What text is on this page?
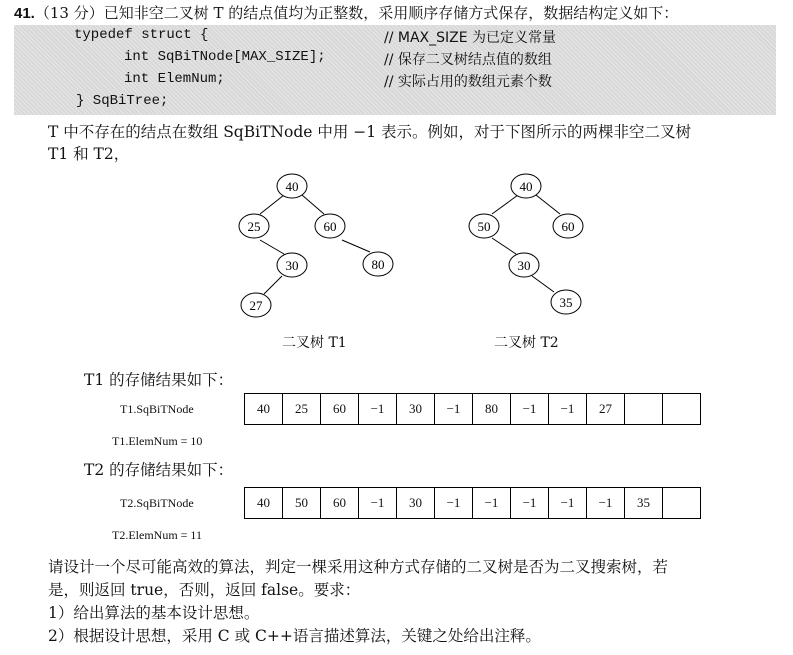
41.（13 分）已知非空二叉树 T 的结点值均为正整数，采用顺序存储方式保存，数据结构定义如下：
typedef struct {	// MAX_SIZE 为已定义常量
int SqBiTNode[MAX_SIZE];	// 保存二叉树结点值的数组
int ElemNum;	// 实际占用的数组元素个数
} SqBiTree;
T 中不存在的结点在数组 SqBiTNode 中用 −1 表示。例如，对于下图所示的两棵非空二叉树
T1 和 T2，
40
25	60
30	80
27
二叉树 T1
40
50	60
30
35
二叉树 T2
T1 的存储结果如下：
T1.SqBiTNode	40	25	60	−1	30	−1	80	−1	−1	27		
T1.ElemNum = 10
T2 的存储结果如下：
T2.SqBiTNode	40	50	60	−1	30	−1	−1	−1	−1	−1	35	
T2.ElemNum = 11
请设计一个尽可能高效的算法，判定一棵采用这种方式存储的二叉树是否为二叉搜索树，若
是，则返回 true，否则，返回 false。要求：
1）给出算法的基本设计思想。
2）根据设计思想，采用 C 或 C++语言描述算法，关键之处给出注释。
